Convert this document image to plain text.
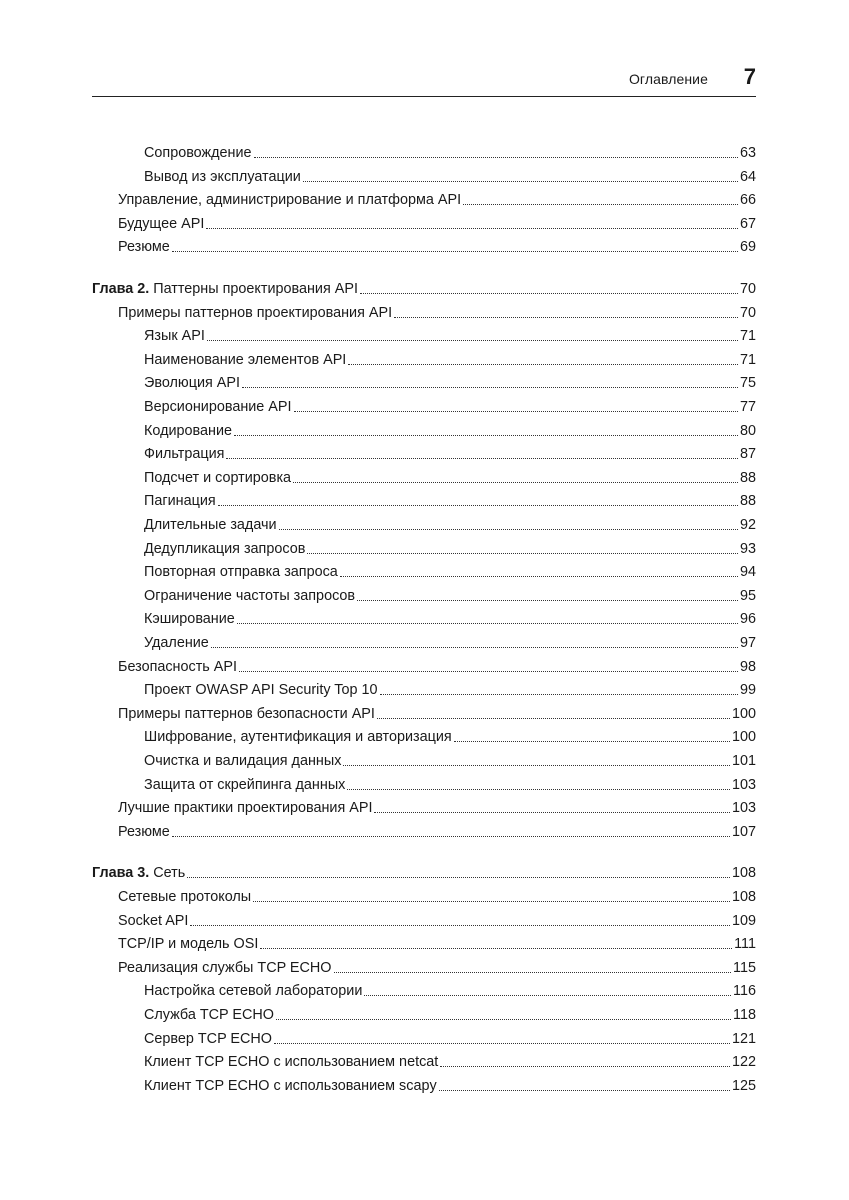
Оглавление 7
Сопровождение	63
Вывод из эксплуатации	64
Управление, администрирование и платформа API	66
Будущее API	67
Резюме	69
Глава 2. Паттерны проектирования API	70
Примеры паттернов проектирования API	70
Язык API	71
Наименование элементов API	71
Эволюция API	75
Версионирование API	77
Кодирование	80
Фильтрация	87
Подсчет и сортировка	88
Пагинация	88
Длительные задачи	92
Дедупликация запросов	93
Повторная отправка запроса	94
Ограничение частоты запросов	95
Кэширование	96
Удаление	97
Безопасность API	98
Проект OWASP API Security Top 10	99
Примеры паттернов безопасности API	100
Шифрование, аутентификация и авторизация	100
Очистка и валидация данных	101
Защита от скрейпинга данных	103
Лучшие практики проектирования API	103
Резюме	107
Глава 3. Сеть	108
Сетевые протоколы	108
Socket API	109
TCP/IP и модель OSI	111
Реализация службы TCP ECHO	115
Настройка сетевой лаборатории	116
Служба TCP ECHO	118
Сервер TCP ECHO	121
Клиент TCP ECHO с использованием netcat	122
Клиент TCP ECHO с использованием scapy	125
